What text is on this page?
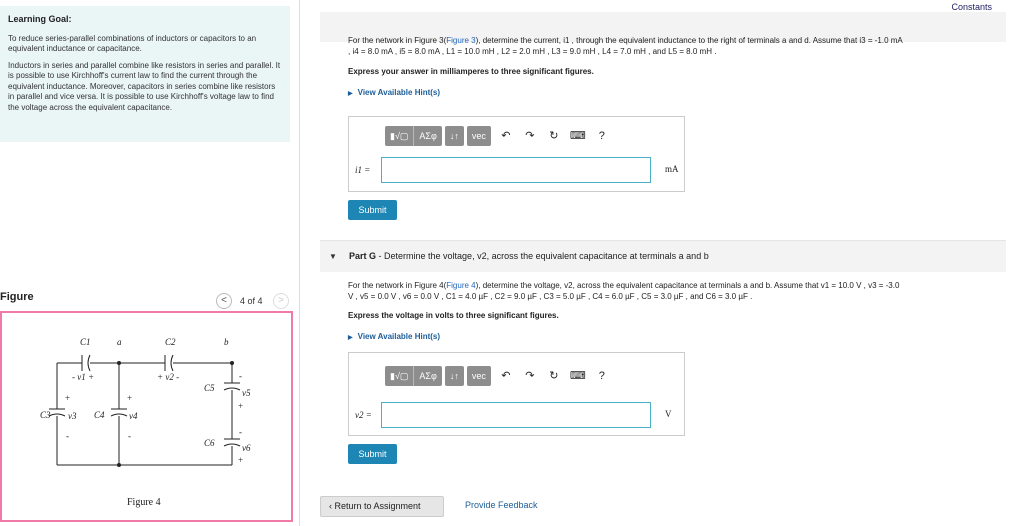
Learning Goal:

To reduce series-parallel combinations of inductors or capacitors to an equivalent inductance or capacitance.

Inductors in series and parallel combine like resistors in series and parallel. It is possible to use Kirchhoff's current law to find the current through the equivalent inductance. Moreover, capacitors in series combine like resistors in parallel and vice versa. It is possible to use Kirchhoff's voltage law to find the voltage across the equivalent capacitance.

Figure	<	4 of 4	>
C1	a	C2	b
- v1 +	+ v2 -
C5	v5
C3 v3 C4	v4
C6	v6
+
-
+
-
-
+
-
+
Figure 4
Constants
For the network in Figure 3(Figure 3), determine the current, i1 , through the equivalent inductance to the right of terminals a and d. Assume that i3 = -1.0 mA
, i4 = 8.0 mA , i5 = 8.0 mA , L1 = 10.0 mH , L2 = 2.0 mH , L3 = 9.0 mH , L4 = 7.0 mH , and L5 = 8.0 mH .
Express your answer in milliamperes to three significant figures.
▶ View Available Hint(s)
▮√▢	ΑΣφ	↓↑	vec	↶	↷	↻	⌨	?
i1 =	mA
Submit
▼ Part G - Determine the voltage, v2, across the equivalent capacitance at terminals a and b
For the network in Figure 4(Figure 4), determine the voltage, v2, across the equivalent capacitance at terminals a and b. Assume that v1 = 10.0 V , v3 = -3.0
V , v5 = 0.0 V , v6 = 0.0 V , C1 = 4.0 µF , C2 = 9.0 µF , C3 = 5.0 µF , C4 = 6.0 µF , C5 = 3.0 µF , and C6 = 3.0 µF .
Express the voltage in volts to three significant figures.
▶ View Available Hint(s)
▮√▢	ΑΣφ	↓↑	vec	↶	↷	↻	⌨	?
v2 =	V
Submit
‹ Return to Assignment	Provide Feedback
